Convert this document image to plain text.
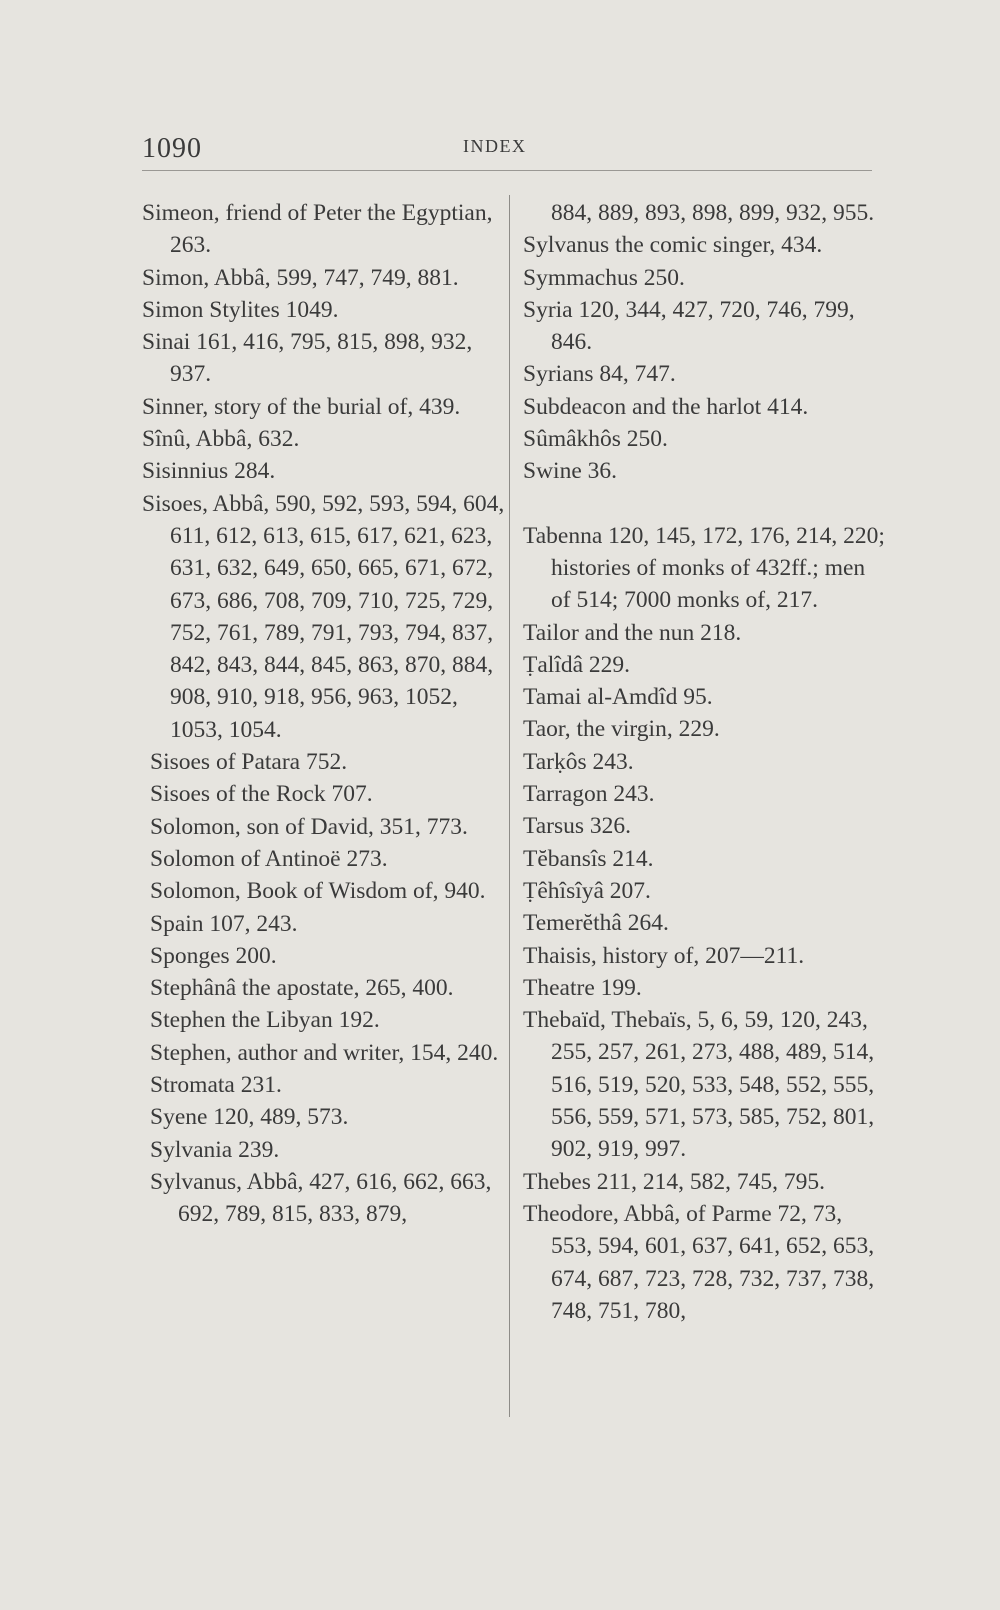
1090	INDEX
Simeon, friend of Peter the Egyptian, 263.
Simon, Abbâ, 599, 747, 749, 881.
Simon Stylites 1049.
Sinai 161, 416, 795, 815, 898, 932, 937.
Sinner, story of the burial of, 439.
Sînû, Abbâ, 632.
Sisinnius 284.
Sisoes, Abbâ, 590, 592, 593, 594, 604, 611, 612, 613, 615, 617, 621, 623, 631, 632, 649, 650, 665, 671, 672, 673, 686, 708, 709, 710, 725, 729, 752, 761, 789, 791, 793, 794, 837, 842, 843, 844, 845, 863, 870, 884, 908, 910, 918, 956, 963, 1052, 1053, 1054.
Sisoes of Patara 752.
Sisoes of the Rock 707.
Solomon, son of David, 351, 773.
Solomon of Antinoë 273.
Solomon, Book of Wisdom of, 940.
Spain 107, 243.
Sponges 200.
Stephânâ the apostate, 265, 400.
Stephen the Libyan 192.
Stephen, author and writer, 154, 240.
Stromata 231.
Syene 120, 489, 573.
Sylvania 239.
Sylvanus, Abbâ, 427, 616, 662, 663, 692, 789, 815, 833, 879,
884, 889, 893, 898, 899, 932, 955.
Sylvanus the comic singer, 434.
Symmachus 250.
Syria 120, 344, 427, 720, 746, 799, 846.
Syrians 84, 747.
Subdeacon and the harlot 414.
Sûmâkhôs 250.
Swine 36.
Tabenna 120, 145, 172, 176, 214, 220; histories of monks of 432ff.; men of 514; 7000 monks of, 217.
Tailor and the nun 218.
Ṭalîdâ 229.
Tamai al-Amdîd 95.
Taor, the virgin, 229.
Tarḳôs 243.
Tarragon 243.
Tarsus 326.
Tĕbansîs 214.
Ṭêhîsîyâ 207.
Temerĕthâ 264.
Thaisis, history of, 207—211.
Theatre 199.
Thebaïd, Thebaïs, 5, 6, 59, 120, 243, 255, 257, 261, 273, 488, 489, 514, 516, 519, 520, 533, 548, 552, 555, 556, 559, 571, 573, 585, 752, 801, 902, 919, 997.
Thebes 211, 214, 582, 745, 795.
Theodore, Abbâ, of Parme 72, 73, 553, 594, 601, 637, 641, 652, 653, 674, 687, 723, 728, 732, 737, 738, 748, 751, 780,
